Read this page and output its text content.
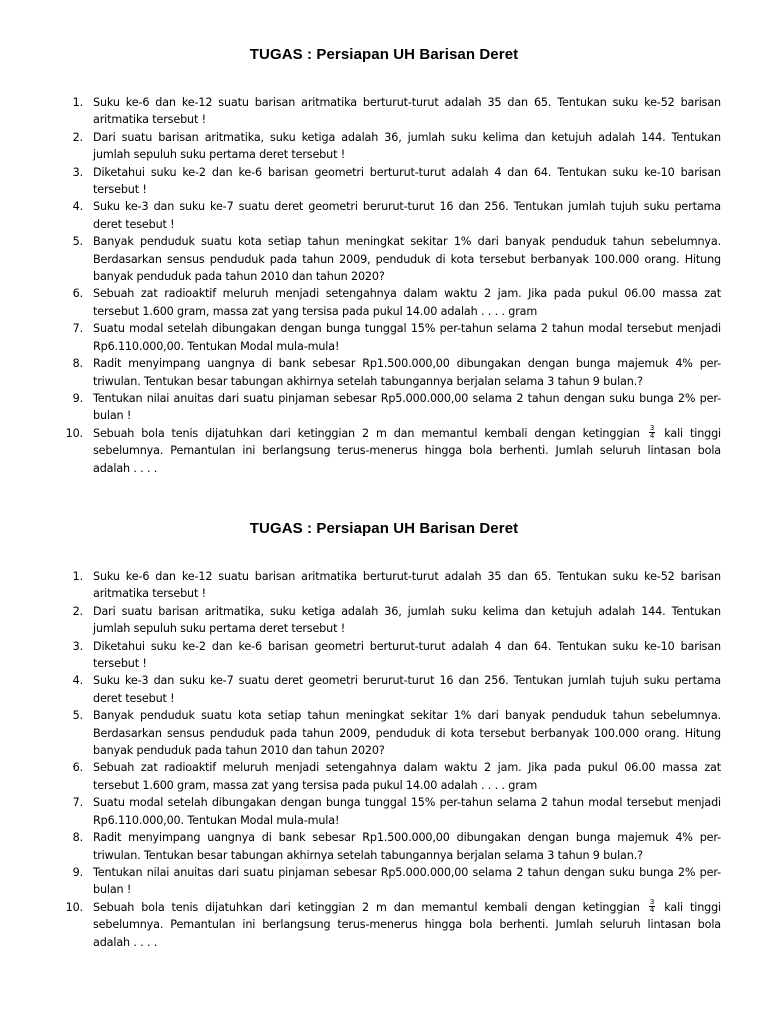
TUGAS : Persiapan UH Barisan Deret
1. Suku ke-6 dan ke-12 suatu barisan aritmatika berturut-turut adalah 35 dan 65. Tentukan suku ke-52 barisan aritmatika tersebut !
2. Dari suatu barisan aritmatika, suku ketiga adalah 36, jumlah suku kelima dan ketujuh adalah 144. Tentukan jumlah sepuluh suku pertama deret tersebut !
3. Diketahui suku ke-2 dan ke-6 barisan geometri berturut-turut adalah 4 dan 64. Tentukan suku ke-10 barisan tersebut !
4. Suku ke-3 dan suku ke-7 suatu deret geometri berurut-turut 16 dan 256. Tentukan jumlah tujuh suku pertama deret tesebut !
5. Banyak penduduk suatu kota setiap tahun meningkat sekitar 1% dari banyak penduduk tahun sebelumnya. Berdasarkan sensus penduduk pada tahun 2009, penduduk di kota tersebut berbanyak 100.000 orang. Hitung banyak penduduk pada tahun 2010 dan tahun 2020?
6. Sebuah zat radioaktif meluruh menjadi setengahnya dalam waktu 2 jam. Jika pada pukul 06.00 massa zat tersebut 1.600 gram, massa zat yang tersisa pada pukul 14.00 adalah . . . . gram
7. Suatu modal setelah dibungakan dengan bunga tunggal 15% per-tahun selama 2 tahun modal tersebut menjadi Rp6.110.000,00. Tentukan Modal mula-mula!
8. Radit menyimpang uangnya di bank sebesar Rp1.500.000,00 dibungakan dengan bunga majemuk 4% per-triwulan. Tentukan besar tabungan akhirnya setelah tabungannya berjalan selama 3 tahun 9 bulan.?
9. Tentukan nilai anuitas dari suatu pinjaman sebesar Rp5.000.000,00 selama 2 tahun dengan suku bunga 2% per-bulan !
10. Sebuah bola tenis dijatuhkan dari ketinggian 2 m dan memantul kembali dengan ketinggian $\frac{3}{4}$ kali tinggi sebelumnya. Pemantulan ini berlangsung terus-menerus hingga bola berhenti. Jumlah seluruh lintasan bola adalah . . . .
TUGAS : Persiapan UH Barisan Deret
1. Suku ke-6 dan ke-12 suatu barisan aritmatika berturut-turut adalah 35 dan 65. Tentukan suku ke-52 barisan aritmatika tersebut !
2. Dari suatu barisan aritmatika, suku ketiga adalah 36, jumlah suku kelima dan ketujuh adalah 144. Tentukan jumlah sepuluh suku pertama deret tersebut !
3. Diketahui suku ke-2 dan ke-6 barisan geometri berturut-turut adalah 4 dan 64. Tentukan suku ke-10 barisan tersebut !
4. Suku ke-3 dan suku ke-7 suatu deret geometri berurut-turut 16 dan 256. Tentukan jumlah tujuh suku pertama deret tesebut !
5. Banyak penduduk suatu kota setiap tahun meningkat sekitar 1% dari banyak penduduk tahun sebelumnya. Berdasarkan sensus penduduk pada tahun 2009, penduduk di kota tersebut berbanyak 100.000 orang. Hitung banyak penduduk pada tahun 2010 dan tahun 2020?
6. Sebuah zat radioaktif meluruh menjadi setengahnya dalam waktu 2 jam. Jika pada pukul 06.00 massa zat tersebut 1.600 gram, massa zat yang tersisa pada pukul 14.00 adalah . . . . gram
7. Suatu modal setelah dibungakan dengan bunga tunggal 15% per-tahun selama 2 tahun modal tersebut menjadi Rp6.110.000,00. Tentukan Modal mula-mula!
8. Radit menyimpang uangnya di bank sebesar Rp1.500.000,00 dibungakan dengan bunga majemuk 4% per-triwulan. Tentukan besar tabungan akhirnya setelah tabungannya berjalan selama 3 tahun 9 bulan.?
9. Tentukan nilai anuitas dari suatu pinjaman sebesar Rp5.000.000,00 selama 2 tahun dengan suku bunga 2% per-bulan !
10. Sebuah bola tenis dijatuhkan dari ketinggian 2 m dan memantul kembali dengan ketinggian $\frac{3}{4}$ kali tinggi sebelumnya. Pemantulan ini berlangsung terus-menerus hingga bola berhenti. Jumlah seluruh lintasan bola adalah . . . .
